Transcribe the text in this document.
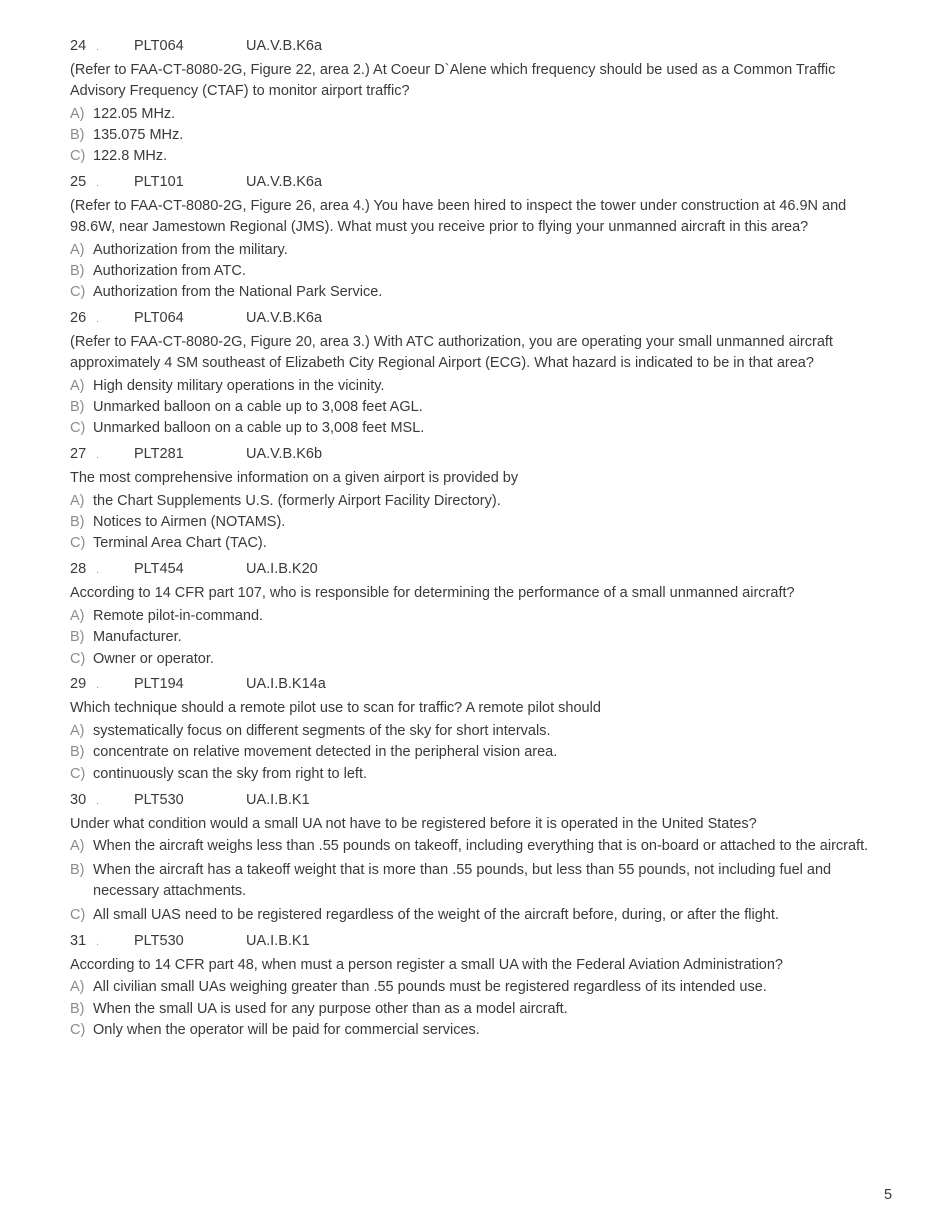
24 .	PLT064	UA.V.B.K6a
(Refer to FAA-CT-8080-2G, Figure 22, area 2.) At Coeur D`Alene which frequency should be used as a Common Traffic Advisory Frequency (CTAF) to monitor airport traffic?
A) 122.05 MHz.
B) 135.075 MHz.
C) 122.8 MHz.
25 .	PLT101	UA.V.B.K6a
(Refer to FAA-CT-8080-2G, Figure 26, area 4.) You have been hired to inspect the tower under construction at 46.9N and 98.6W, near Jamestown Regional (JMS). What must you receive prior to flying your unmanned aircraft in this area?
A) Authorization from the military.
B) Authorization from ATC.
C) Authorization from the National Park Service.
26 .	PLT064	UA.V.B.K6a
(Refer to FAA-CT-8080-2G, Figure 20, area 3.) With ATC authorization, you are operating your small unmanned aircraft approximately 4 SM southeast of Elizabeth City Regional Airport (ECG). What hazard is indicated to be in that area?
A) High density military operations in the vicinity.
B) Unmarked balloon on a cable up to 3,008 feet AGL.
C) Unmarked balloon on a cable up to 3,008 feet MSL.
27 .	PLT281	UA.V.B.K6b
The most comprehensive information on a given airport is provided by
A) the Chart Supplements U.S. (formerly Airport Facility Directory).
B) Notices to Airmen (NOTAMS).
C) Terminal Area Chart (TAC).
28 .	PLT454	UA.I.B.K20
According to 14 CFR part 107, who is responsible for determining the performance of a small unmanned aircraft?
A) Remote pilot-in-command.
B) Manufacturer.
C) Owner or operator.
29 .	PLT194	UA.I.B.K14a
Which technique should a remote pilot use to scan for traffic? A remote pilot should
A) systematically focus on different segments of the sky for short intervals.
B) concentrate on relative movement detected in the peripheral vision area.
C) continuously scan the sky from right to left.
30 .	PLT530	UA.I.B.K1
Under what condition would a small UA not have to be registered before it is operated in the United States?
A) When the aircraft weighs less than .55 pounds on takeoff, including everything that is on-board or attached to the aircraft.
B) When the aircraft has a takeoff weight that is more than .55 pounds, but less than 55 pounds, not including fuel and necessary attachments.
C) All small UAS need to be registered regardless of the weight of the aircraft before, during, or after the flight.
31 .	PLT530	UA.I.B.K1
According to 14 CFR part 48, when must a person register a small UA with the Federal Aviation Administration?
A) All civilian small UAs weighing greater than .55 pounds must be registered regardless of its intended use.
B) When the small UA is used for any purpose other than as a model aircraft.
C) Only when the operator will be paid for commercial services.
5
